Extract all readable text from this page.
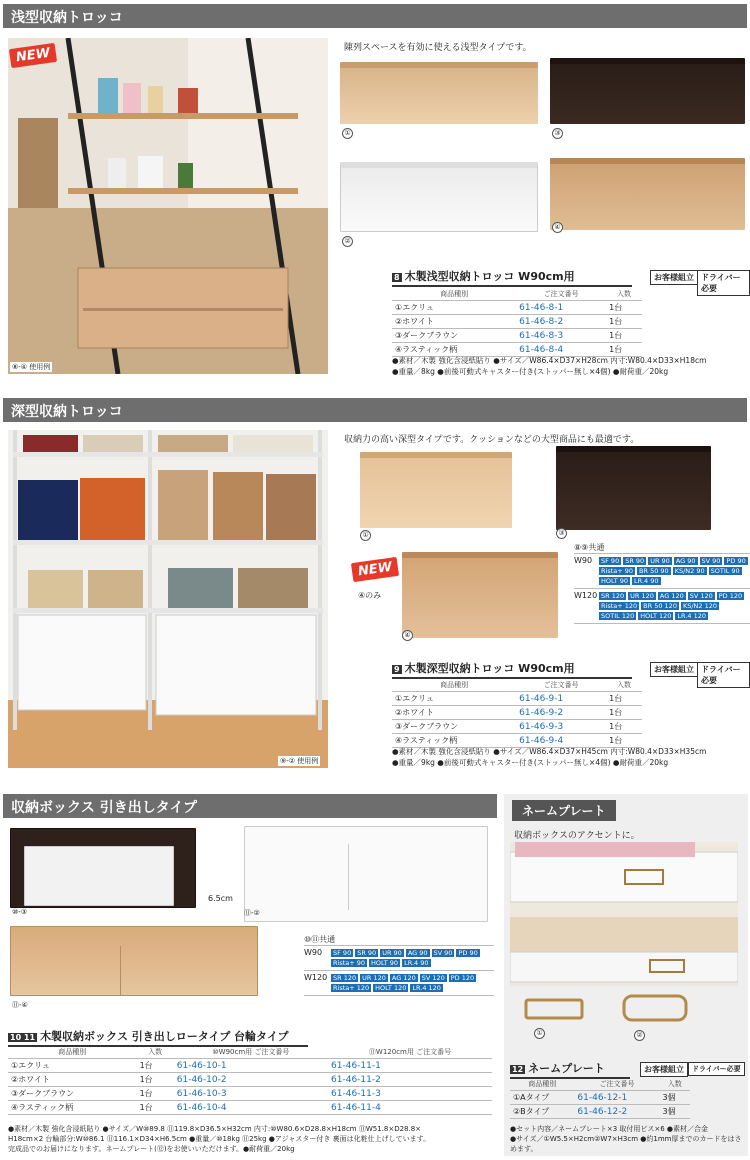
浅型収納トロッコ
NEW
⑧-④ 使用例
陳列スペースを有効に使える浅型タイプです。
①	③
②
④
8 木製浅型収納トロッコ W90cm用	お客様組立 ドライバー必要
商品種別	ご注文番号	入数
①エクリュ	61-46-8-1	1台
②ホワイト	61-46-8-2	1台
③ダークブラウン	61-46-8-3	1台
④ラスティック柄	61-46-8-4	1台
●素材／木製 強化含浸紙貼り ●サイズ／W86.4×D37×H28cm 内寸:W80.4×D33×H18cm
●重量／8kg ●前後可動式キャスター付き(ストッパー無し×4個) ●耐荷重／20kg
深型収納トロッコ
⑨-② 使用例
収納力の高い深型タイプです。クッションなどの大型商品にも最適です。
①	③
④
NEW
④のみ
⑧⑨共通
W90	SF 90 SR 90 UR 90 AG 90 SV 90 PD 90Rista+ 90 BR 50 90 KS/N2 90 SOTIL 90HOLT 90 LR.4 90
W120 SR 120 UR 120 AG 120 SV 120 PD 120Rista+ 120 BR 50 120 KS/N2 120SOTIL 120 HOLT 120 LR.4 120
9 木製深型収納トロッコ W90cm用	お客様組立 ドライバー必要
商品種別	ご注文番号	入数
①エクリュ	61-46-9-1	1台
②ホワイト	61-46-9-2	1台
③ダークブラウン	61-46-9-3	1台
④ラスティック柄	61-46-9-4	1台
●素材／木製 強化含浸紙貼り ●サイズ／W86.4×D37×H45cm 内寸:W80.4×D33×H35cm
●重量／9kg ●前後可動式キャスター付き(ストッパー無し×4個) ●耐荷重／20kg
収納ボックス 引き出しタイプ
⑩-③	⑪-②
6.5cm
⑪-④
⑩⑪共通
W90	SF 90 SR 90 UR 90 AG 90 SV 90 PD 90Rista+ 90 HOLT 90 LR.4 90
W120 SR 120 UR 120 AG 120 SV 120 PD 120Rista+ 120 HOLT 120 LR.4 120
10 11 木製収納ボックス 引き出しロータイプ 台輪タイプ
商品種別	入数	⑩W90cm用 ご注文番号	⑪W120cm用 ご注文番号
①エクリュ	1台	61-46-10-1	61-46-11-1
②ホワイト	1台	61-46-10-2	61-46-11-2
③ダークブラウン	1台	61-46-10-3	61-46-11-3
④ラスティック柄	1台	61-46-10-4	61-46-11-4
●素材／木製 強化含浸紙貼り ●サイズ／W⑩89.8 ⑪119.8×D36.5×H32cm 内寸:⑩W80.6×D28.8×H18cm ⑪W51.8×D28.8×
H18cm×2 台輪部分:W⑩86.1 ⑪116.1×D34×H6.5cm ●重量／⑩18kg ⑪25kg ●アジャスター付き 裏面は化粧仕上げしています。
完成品でのお届けになります。ネームプレート(⑫)をお使いいただけます。●耐荷重／20kg
ネームプレート
収納ボックスのアクセントに。
①	②
12 ネームプレート	お客様組立	ドライバー必要
商品種別	ご注文番号	入数
①Aタイプ	61-46-12-1	3個
②Bタイプ	61-46-12-2	3個
●セット内容／ネームプレート×3 取付用ビス×6 ●素材／合金
●サイズ／①W5.5×H2cm②W7×H3cm ●約1mm厚までのカードをはさめます。
